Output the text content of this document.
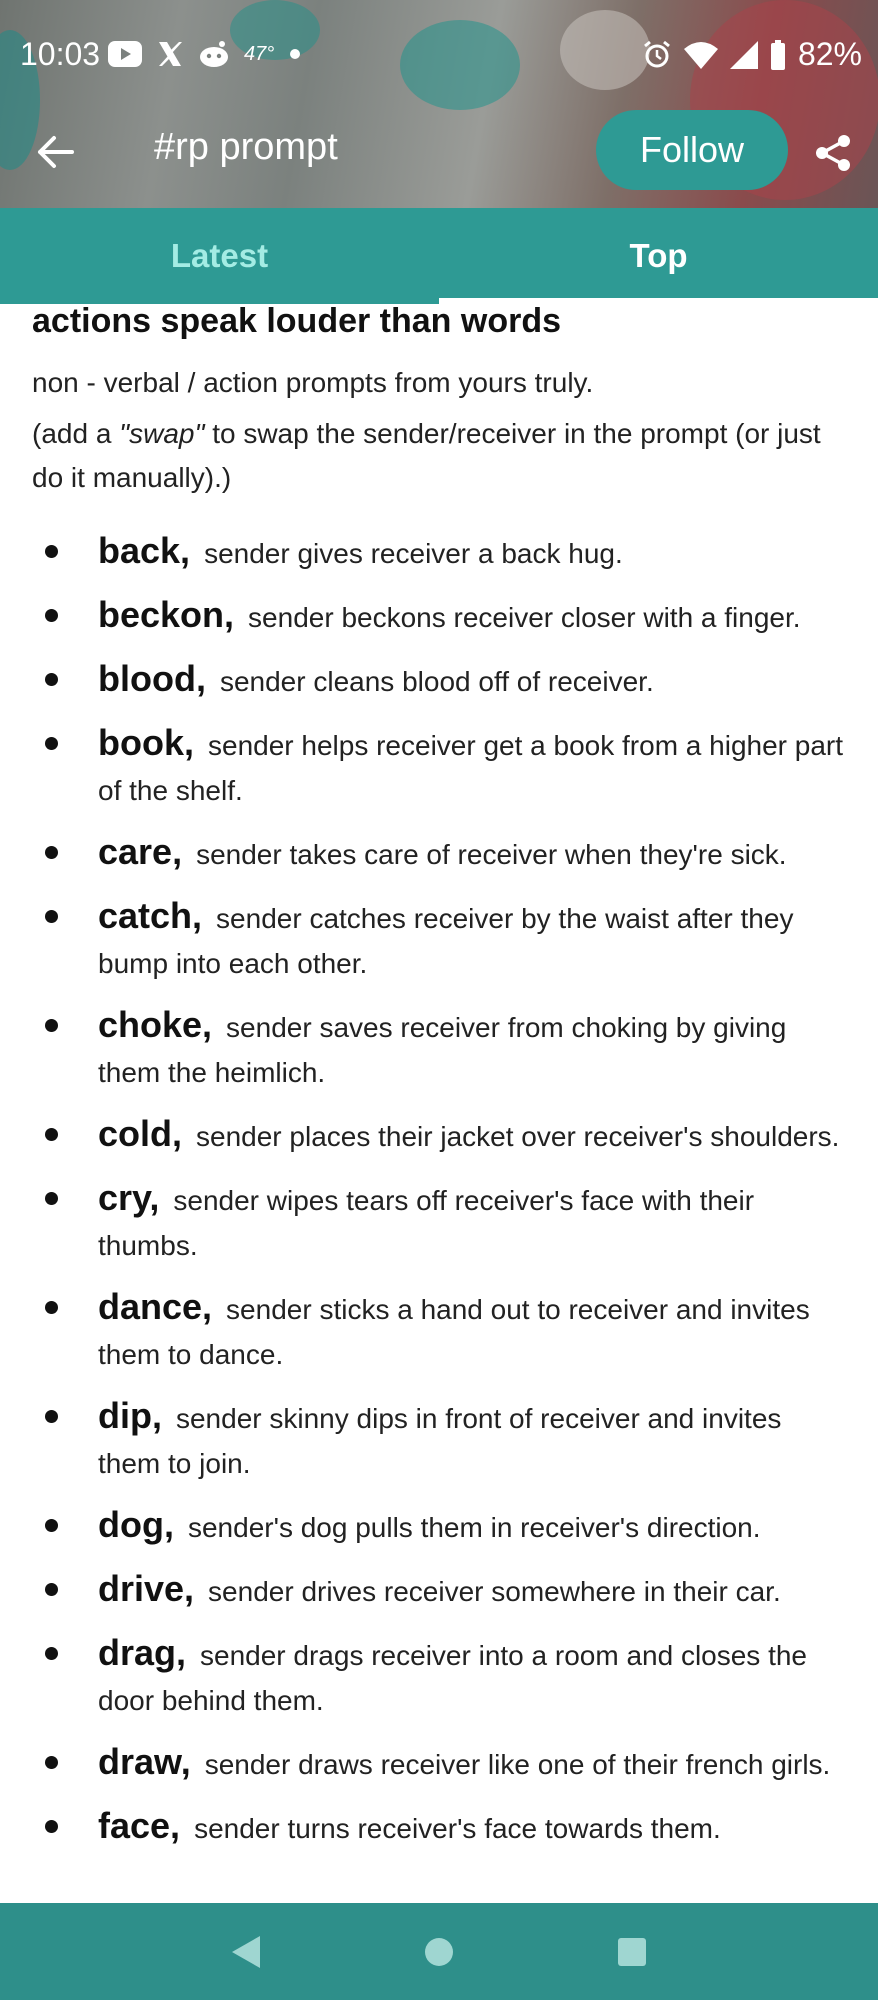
10:03	47°	82%
#rp prompt	Follow
Latest	Top
actions speak louder than words
non - verbal / action prompts from yours truly.
(add a "swap" to swap the sender/receiver in the prompt (or just do it manually).)
back, sender gives receiver a back hug.
beckon, sender beckons receiver closer with a finger.
blood, sender cleans blood off of receiver.
book, sender helps receiver get a book from a higher part of the shelf.
care, sender takes care of receiver when they're sick.
catch, sender catches receiver by the waist after they bump into each other.
choke, sender saves receiver from choking by giving them the heimlich.
cold, sender places their jacket over receiver's shoulders.
cry, sender wipes tears off receiver's face with their thumbs.
dance, sender sticks a hand out to receiver and invites them to dance.
dip, sender skinny dips in front of receiver and invites them to join.
dog, sender's dog pulls them in receiver's direction.
drive, sender drives receiver somewhere in their car.
drag, sender drags receiver into a room and closes the door behind them.
draw, sender draws receiver like one of their french girls.
face, sender turns receiver's face towards them.
